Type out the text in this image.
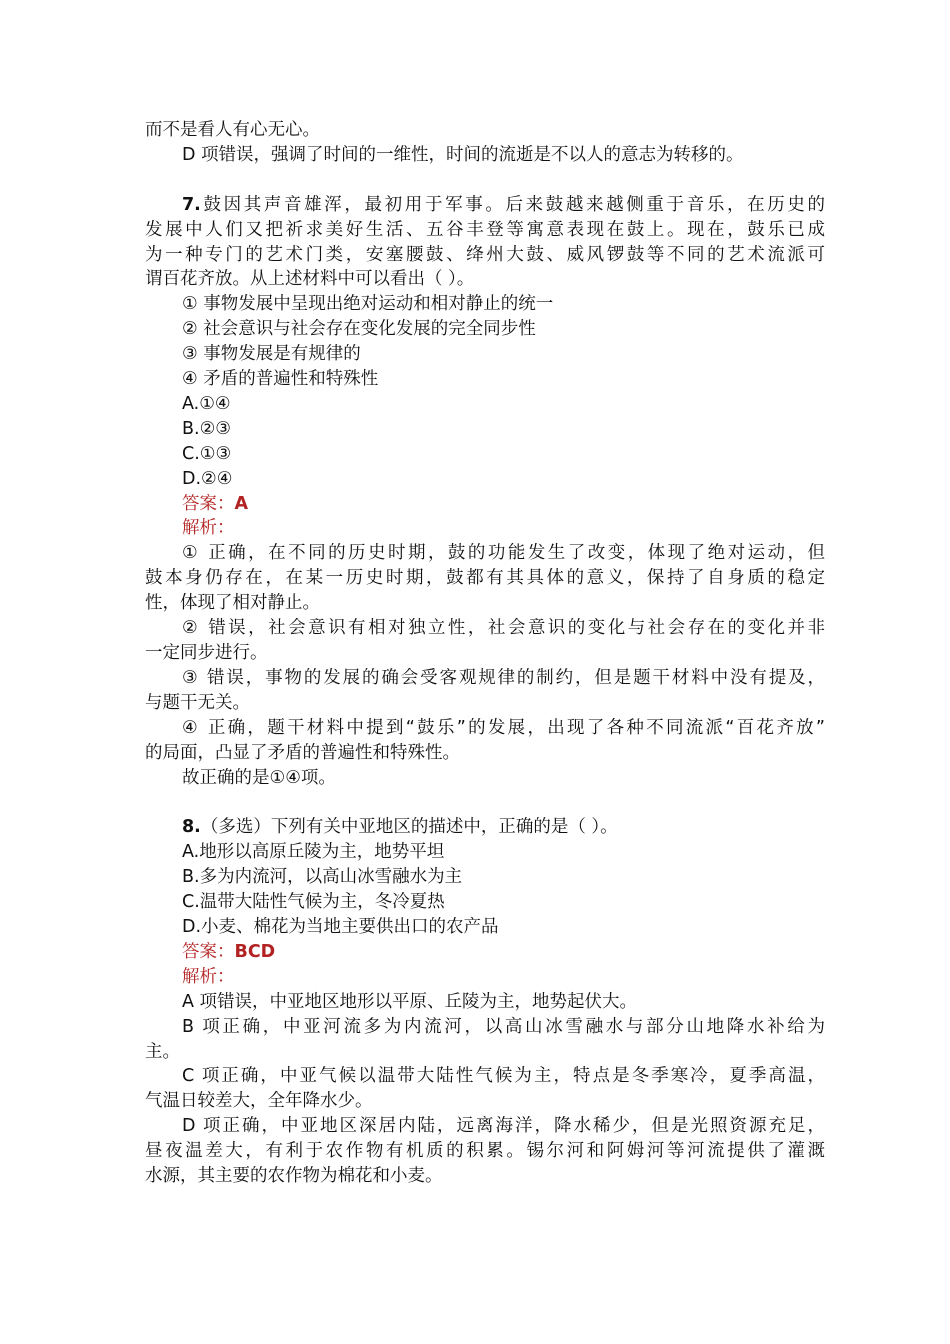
而不是看人有心无心。

D 项错误，强调了时间的一维性，时间的流逝是不以人的意志为转移的。

7.鼓因其声音雄浑，最初用于军事。后来鼓越来越侧重于音乐，在历史的

发展中人们又把祈求美好生活、五谷丰登等寓意表现在鼓上。现在，鼓乐已成

为一种专门的艺术门类，安塞腰鼓、绛州大鼓、威风锣鼓等不同的艺术流派可

谓百花齐放。从上述材料中可以看出（ ）。

① 事物发展中呈现出绝对运动和相对静止的统一

② 社会意识与社会存在变化发展的完全同步性

③ 事物发展是有规律的

④ 矛盾的普遍性和特殊性

A.①④

B.②③

C.①③

D.②④

答案：A

解析：

① 正确，在不同的历史时期，鼓的功能发生了改变，体现了绝对运动，但

鼓本身仍存在，在某一历史时期，鼓都有其具体的意义，保持了自身质的稳定

性，体现了相对静止。

② 错误，社会意识有相对独立性，社会意识的变化与社会存在的变化并非

一定同步进行。

③ 错误，事物的发展的确会受客观规律的制约，但是题干材料中没有提及，

与题干无关。

④ 正确，题干材料中提到“鼓乐”的发展，出现了各种不同流派“百花齐放”

的局面，凸显了矛盾的普遍性和特殊性。

故正确的是①④项。

8.（多选）下列有关中亚地区的描述中，正确的是（ ）。

A.地形以高原丘陵为主，地势平坦

B.多为内流河，以高山冰雪融水为主

C.温带大陆性气候为主，冬冷夏热

D.小麦、棉花为当地主要供出口的农产品

答案：BCD

解析：

A 项错误，中亚地区地形以平原、丘陵为主，地势起伏大。

B 项正确，中亚河流多为内流河，以高山冰雪融水与部分山地降水补给为

主。

C 项正确，中亚气候以温带大陆性气候为主，特点是冬季寒冷，夏季高温，

气温日较差大，全年降水少。

D 项正确，中亚地区深居内陆，远离海洋，降水稀少，但是光照资源充足，

昼夜温差大，有利于农作物有机质的积累。锡尔河和阿姆河等河流提供了灌溉

水源，其主要的农作物为棉花和小麦。
